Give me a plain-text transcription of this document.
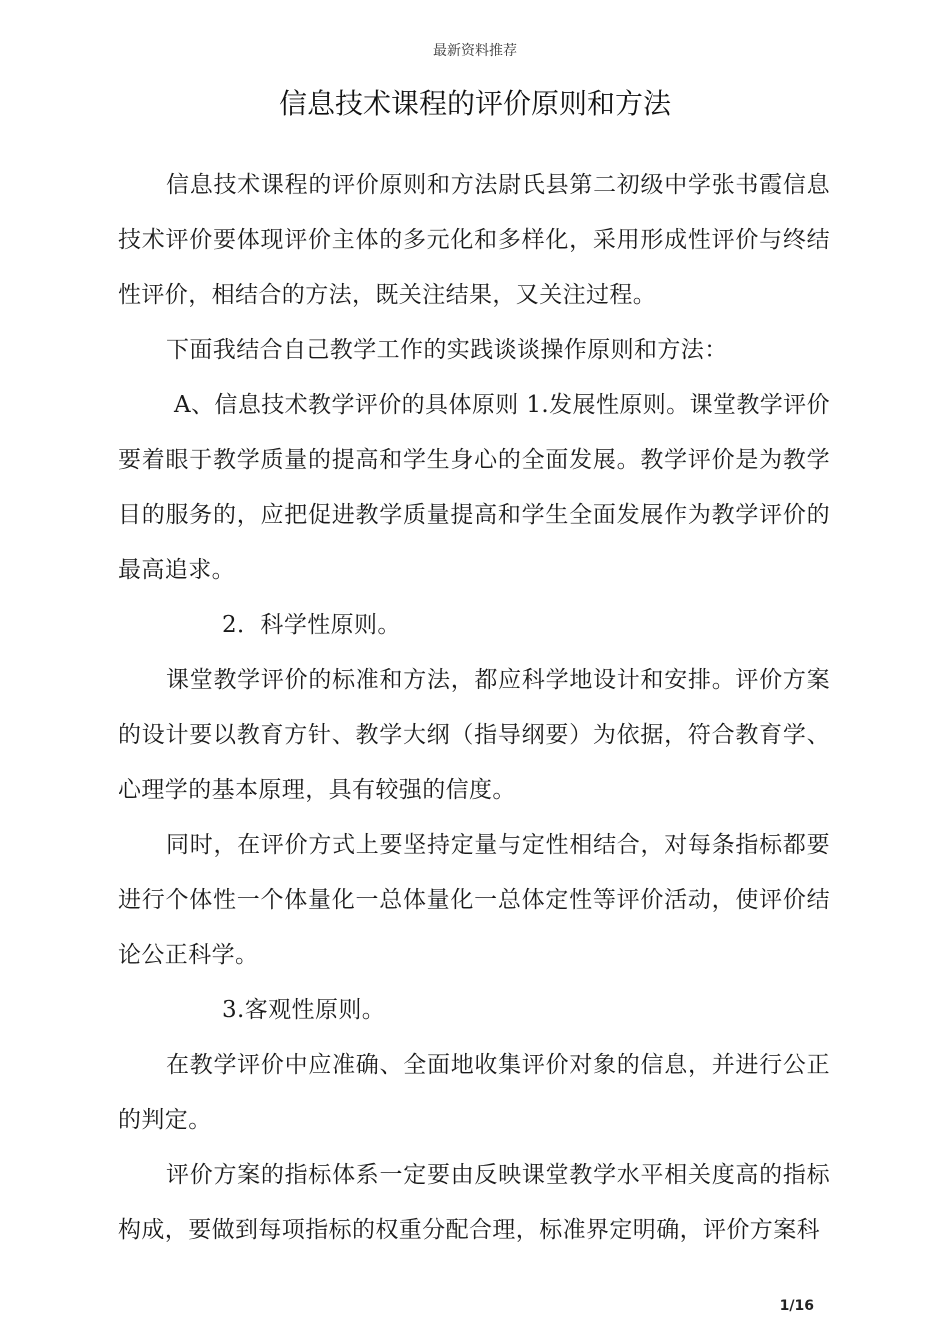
最新资料推荐
信息技术课程的评价原则和方法

信息技术课程的评价原则和方法尉氏县第二初级中学张书霞信息技术评价要体现评价主体的多元化和多样化，采用形成性评价与终结性评价，相结合的方法，既关注结果，又关注过程。

下面我结合自己教学工作的实践谈谈操作原则和方法：

A、信息技术教学评价的具体原则 1.发展性原则。课堂教学评价要着眼于教学质量的提高和学生身心的全面发展。教学评价是为教学目的服务的，应把促进教学质量提高和学生全面发展作为教学评价的最高追求。

2．科学性原则。

课堂教学评价的标准和方法，都应科学地设计和安排。评价方案的设计要以教育方针、教学大纲（指导纲要）为依据，符合教育学、心理学的基本原理，具有较强的信度。

同时，在评价方式上要坚持定量与定性相结合，对每条指标都要进行个体性一个体量化一总体量化一总体定性等评价活动，使评价结论公正科学。

3.客观性原则。

在教学评价中应准确、全面地收集评价对象的信息，并进行公正的判定。

评价方案的指标体系一定要由反映课堂教学水平相关度高的指标构成，要做到每项指标的权重分配合理，标准界定明确，评价方案科

1/16
